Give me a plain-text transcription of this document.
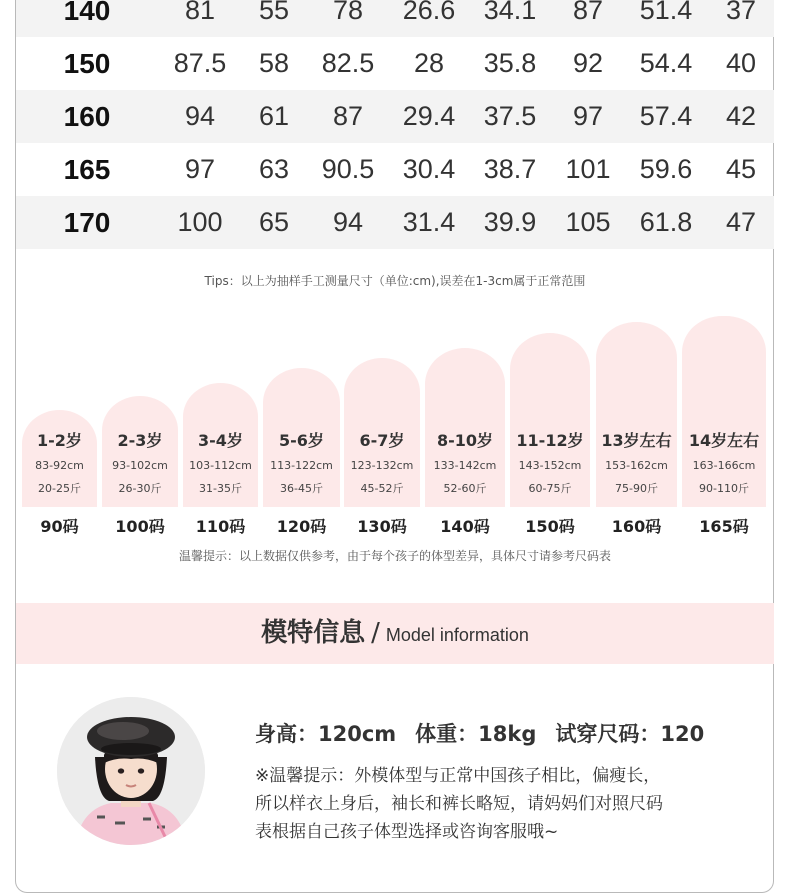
140	81 55 78 26.6 34.1 87 51.4 37
150 87.5 58 82.5 28 35.8 92 54.4 40
160	94 61 87 29.4 37.5 97 57.4 42
165	97 63 90.5 30.4 38.7 101 59.6 45
170 100 65 94 31.4 39.9 105 61.8 47
Tips：以上为抽样手工测量尺寸（单位:cm),误差在1-3cm属于正常范围
1-2岁
83-92cm
20-25斤
90码
2-3岁
93-102cm
26-30斤
100码
3-4岁
103-112cm
31-35斤
110码
5-6岁
113-122cm
36-45斤
120码
6-7岁
123-132cm
45-52斤
130码
8-10岁
133-142cm
52-60斤
140码
11-12岁
143-152cm
60-75斤
150码
13岁左右
153-162cm
75-90斤
160码
14岁左右
163-166cm
90-110斤
165码
温馨提示：以上数据仅供参考，由于每个孩子的体型差异，具体尺寸请参考尺码表
模特信息 / Model information
身高：120cm 体重：18kg 试穿尺码：120
※温馨提示：外模体型与正常中国孩子相比，偏瘦长，
所以样衣上身后，袖长和裤长略短，请妈妈们对照尺码
表根据自己孩子体型选择或咨询客服哦~
